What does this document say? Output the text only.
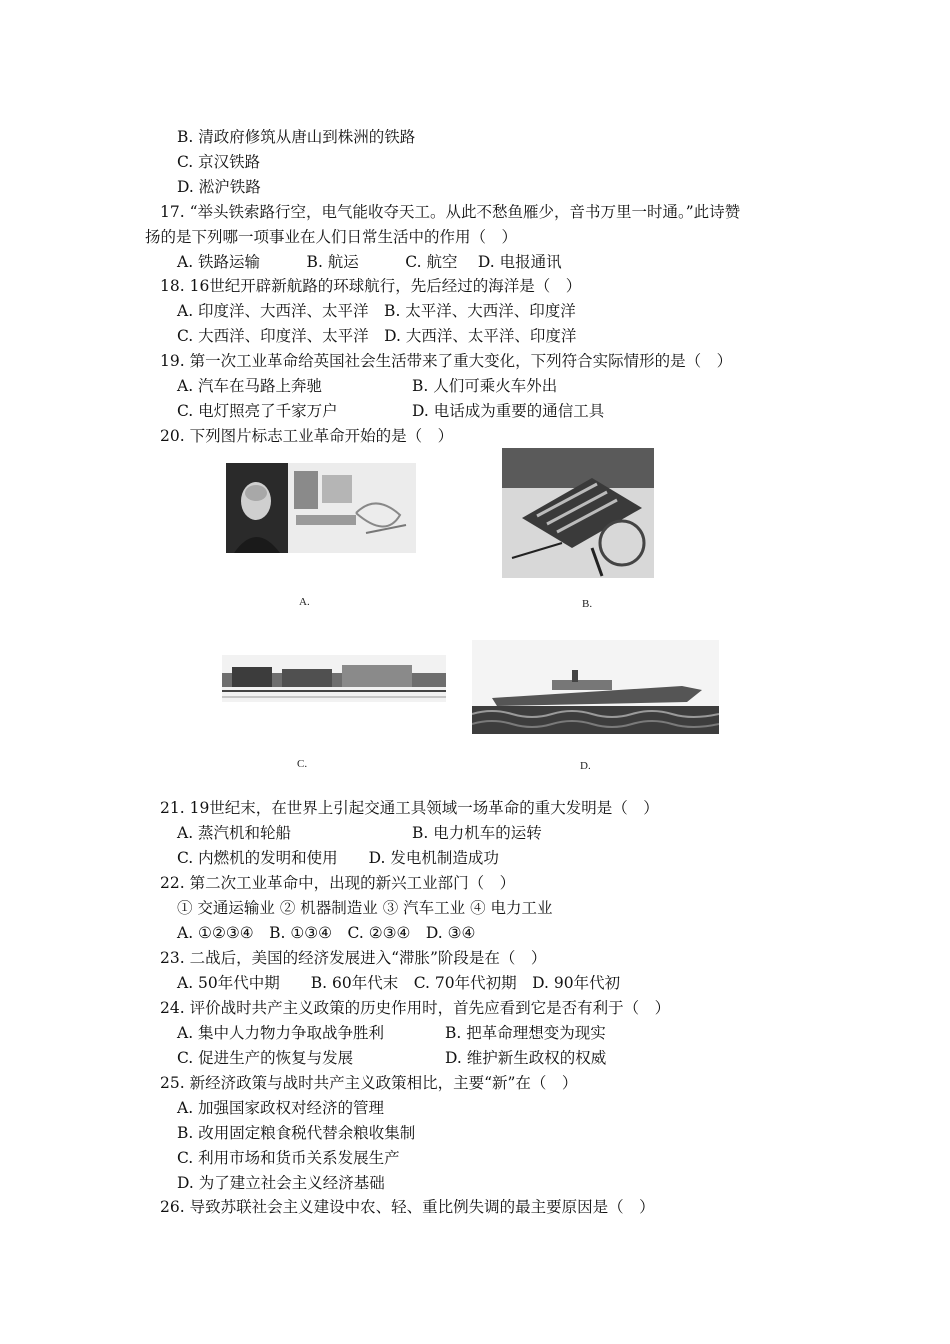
B. 清政府修筑从唐山到株洲的铁路
C. 京汉铁路
D. 淞沪铁路
17. “举头铁索路行空，电气能收夺天工。从此不愁鱼雁少，音书万里一时通。”此诗赞
扬的是下列哪一项事业在人们日常生活中的作用（　）
A. 铁路运输　　　B. 航运　　　C. 航空　 D. 电报通讯
18. 16世纪开辟新航路的环球航行，先后经过的海洋是（　）
A. 印度洋、大西洋、太平洋　B. 太平洋、大西洋、印度洋
C. 大西洋、印度洋、太平洋　D. 大西洋、太平洋、印度洋
19. 第一次工业革命给英国社会生活带来了重大变化，下列符合实际情形的是（　）
A. 汽车在马路上奔驰	B. 人们可乘火车外出
C. 电灯照亮了千家万户	D. 电话成为重要的通信工具
20. 下列图片标志工业革命开始的是（　）
A.	B.
C.	D.
21. 19世纪末，在世界上引起交通工具领域一场革命的重大发明是（　）
A. 蒸汽机和轮船	B. 电力机车的运转
C. 内燃机的发明和使用　　D. 发电机制造成功
22. 第二次工业革命中，出现的新兴工业部门（　）
① 交通运输业 ② 机器制造业 ③ 汽车工业 ④ 电力工业
A. ①②③④　B. ①③④　C. ②③④　D. ③④
23. 二战后，美国的经济发展进入“滞胀”阶段是在（　）
A. 50年代中期　　B. 60年代末　C. 70年代初期　D. 90年代初
24. 评价战时共产主义政策的历史作用时，首先应看到它是否有利于（　）
A. 集中人力物力争取战争胜利	B. 把革命理想变为现实
C. 促进生产的恢复与发展	D. 维护新生政权的权威
25. 新经济政策与战时共产主义政策相比，主要“新”在（　）
A. 加强国家政权对经济的管理
B. 改用固定粮食税代替余粮收集制
C. 利用市场和货币关系发展生产
D. 为了建立社会主义经济基础
26. 导致苏联社会主义建设中农、轻、重比例失调的最主要原因是（　）
